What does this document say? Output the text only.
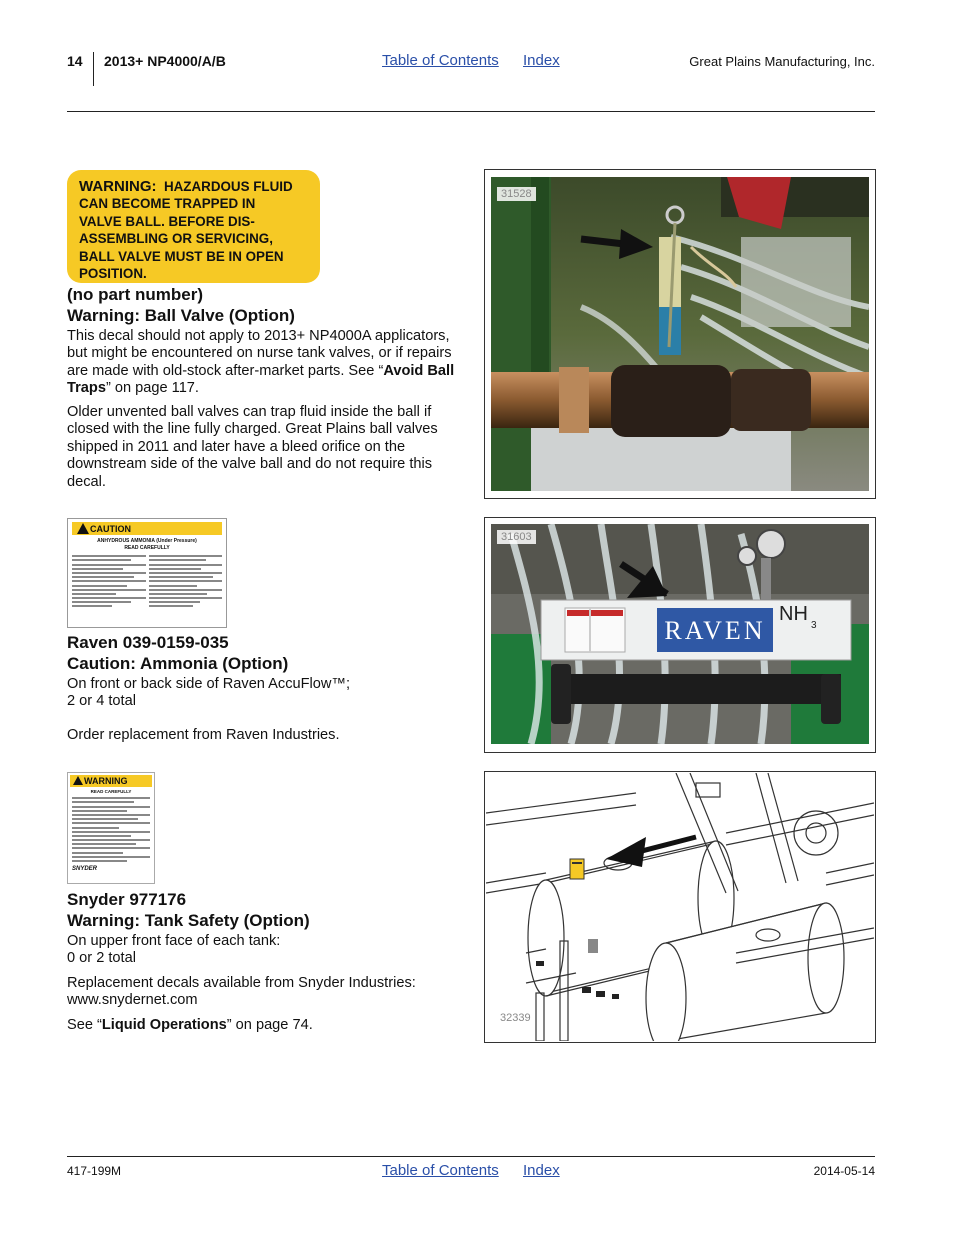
14 2013+ NP4000/A/B	Table of Contents Index	Great Plains Manufacturing, Inc.
WARNING: HAZARDOUS FLUID
CAN BECOME TRAPPED IN
VALVE BALL. BEFORE DIS-
ASSEMBLING OR SERVICING,
BALL VALVE MUST BE IN OPEN
POSITION.
(no part number)
Warning: Ball Valve (Option)
This decal should not apply to 2013+ NP4000A applicators, but might be encountered on nurse tank valves, or if repairs are made with old-stock after-market parts. See “Avoid Ball Traps” on page 117.
Older unvented ball valves can trap fluid inside the ball if closed with the line fully charged. Great Plains ball valves shipped in 2011 and later have a bleed orifice on the downstream side of the valve ball and do not require this decal.
31528
CAUTION
ANHYDROUS AMMONIA (Under Pressure)
READ CAREFULLY
Raven 039-0159-035
Caution: Ammonia (Option)
On front or back side of Raven AccuFlow™;
2 or 4 total
Order replacement from Raven Industries.
RAVEN
NH
3
31603
WARNING
READ CAREFULLY
SNYDER
Snyder 977176
Warning: Tank Safety (Option)
On upper front face of each tank:
0 or 2 total
Replacement decals available from Snyder Industries:
www.snydernet.com
See “Liquid Operations” on page 74.	32339
417-199M	Table of Contents Index	2014-05-14
